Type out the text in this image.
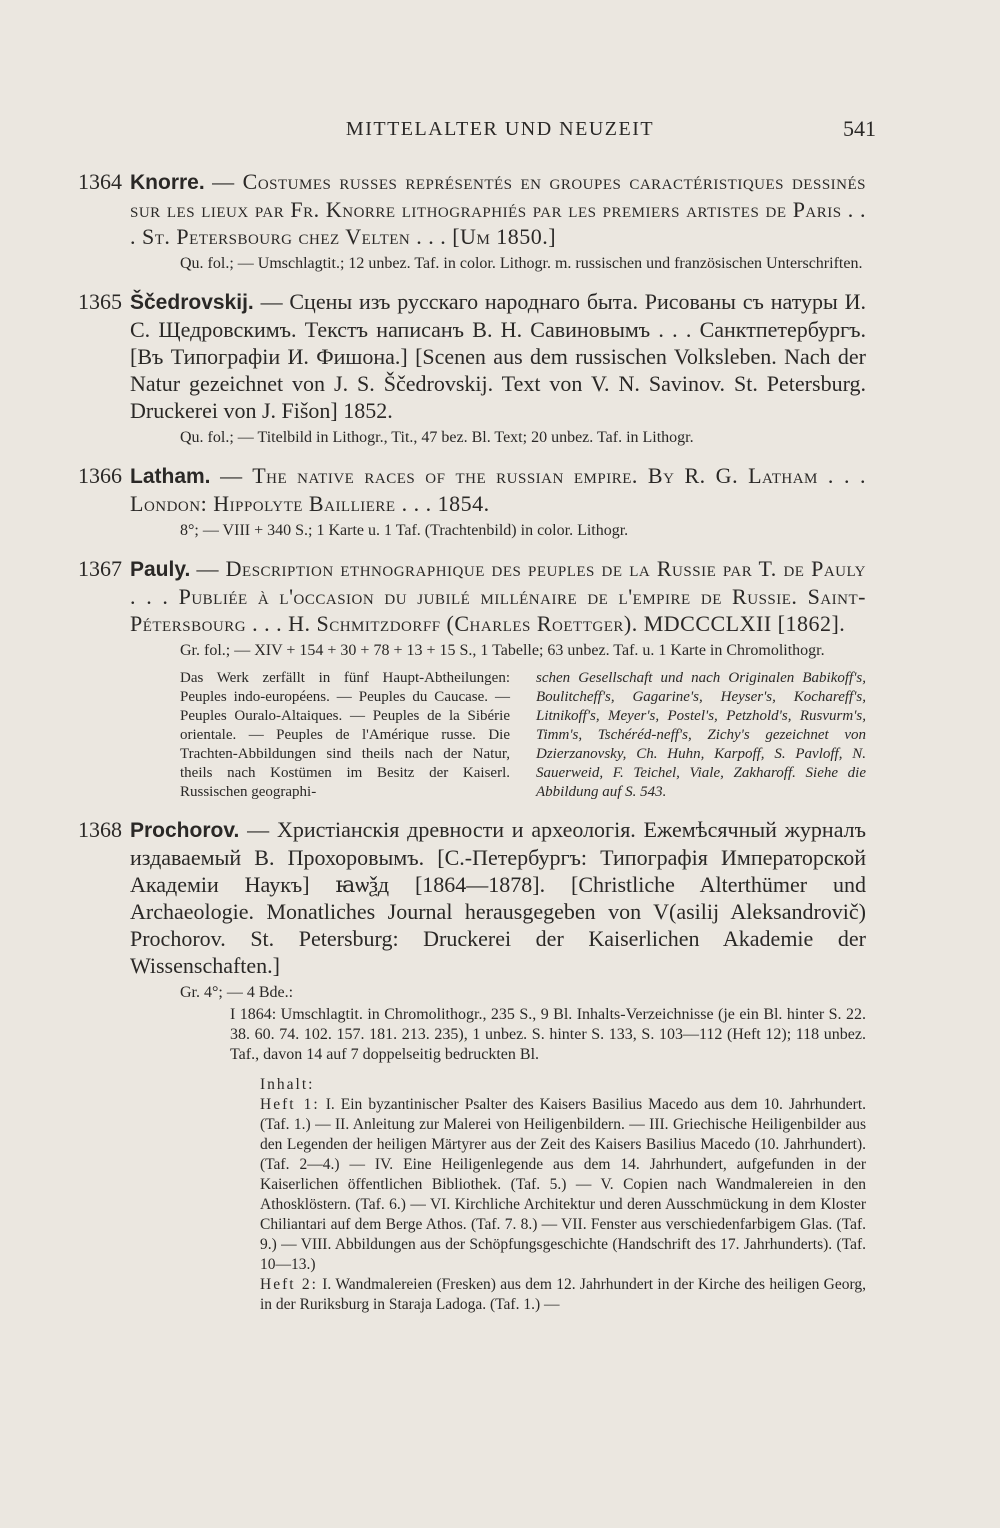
MITTELALTER UND NEUZEIT	541
1364 Knorre. — Costumes russes représentés en groupes caractéristiques dessinés sur les lieux par Fr. Knorre lithographiés par les premiers artistes de Paris . . . St. Petersbourg chez Velten . . . [Um 1850.]

Qu. fol.; — Umschlagtit.; 12 unbez. Taf. in color. Lithogr. m. russischen und französischen Unterschriften.

1365 Ščedrovskij. — Сцены изъ русскаго народнаго быта. Рисованы съ натуры И. С. Щедровскимъ. Текстъ написанъ В. Н. Савиновымъ . . . Санктпетербургъ. [Въ Типографіи И. Фишона.] [Scenen aus dem russischen Volksleben. Nach der Natur gezeichnet von J. S. Ščedrovskij. Text von V. N. Savinov. St. Petersburg. Druckerei von J. Fišon] 1852.

Qu. fol.; — Titelbild in Lithogr., Tit., 47 bez. Bl. Text; 20 unbez. Taf. in Lithogr.

1366 Latham. — The native races of the russian empire. By R. G. Latham . . . London: Hippolyte Bailliere . . . 1854.

8°; — VIII + 340 S.; 1 Karte u. 1 Taf. (Trachtenbild) in color. Lithogr.

1367 Pauly. — Description ethnographique des peuples de la Russie par T. de Pauly . . . Publiée à l'occasion du jubilé millénaire de l'empire de Russie. Saint-Pétersbourg . . . H. Schmitzdorff (Charles Roettger). MDCCCLXII [1862].

Gr. fol.; — XIV + 154 + 30 + 78 + 13 + 15 S., 1 Tabelle; 63 unbez. Taf. u. 1 Karte in Chromolithogr.

Das Werk zerfällt in fünf Haupt-Abtheilungen: Peuples indo-européens. — Peuples du Caucase. — Peuples Ouralo-Altaiques. — Peuples de la Sibérie orientale. — Peuples de l'Amérique russe. Die Trachten-Abbildungen sind theils nach der Natur, theils nach Kostümen im Besitz der Kaiserl. Russischen geographi-
schen Gesellschaft und nach Originalen Babikoff's, Boulitcheff's, Gagarine's, Heyser's, Kochareff's, Litnikoff's, Meyer's, Postel's, Petzhold's, Rusvurm's, Timm's, Tschéréd-neff's, Zichy's gezeichnet von Dzierzanovsky, Ch. Huhn, Karpoff, S. Pavloff, N. Sauerweid, F. Teichel, Viale, Zakharoff. Siehe die Abbildung auf S. 543.
1368 Prochorov. — Христіанскія древности и археологія. Ежемѣсячный журналъ издаваемый В. Прохоровымъ. [С.-Петербургъ: Типографія Императорской Академіи Наукъ] ꙗѡѯд [1864—1878]. [Christliche Alterthümer und Archaeologie. Monatliches Journal herausgegeben von V(asilij Aleksandrovič) Prochorov. St. Petersburg: Druckerei der Kaiserlichen Akademie der Wissenschaften.]

Gr. 4°; — 4 Bde.:

I 1864: Umschlagtit. in Chromolithogr., 235 S., 9 Bl. Inhalts-Verzeichnisse (je ein Bl. hinter S. 22. 38. 60. 74. 102. 157. 181. 213. 235), 1 unbez. S. hinter S. 133, S. 103—112 (Heft 12); 118 unbez. Taf., davon 14 auf 7 doppelseitig bedruckten Bl.

Inhalt:
Heft 1: I. Ein byzantinischer Psalter des Kaisers Basilius Macedo aus dem 10. Jahrhundert. (Taf. 1.) — II. Anleitung zur Malerei von Heiligenbildern. — III. Griechische Heiligenbilder aus den Legenden der heiligen Märtyrer aus der Zeit des Kaisers Basilius Macedo (10. Jahrhundert). (Taf. 2—4.) — IV. Eine Heiligenlegende aus dem 14. Jahrhundert, aufgefunden in der Kaiserlichen öffentlichen Bibliothek. (Taf. 5.) — V. Copien nach Wandmalereien in den Athosklöstern. (Taf. 6.) — VI. Kirchliche Architektur und deren Ausschmückung in dem Kloster Chiliantari auf dem Berge Athos. (Taf. 7. 8.) — VII. Fenster aus verschiedenfarbigem Glas. (Taf. 9.) — VIII. Abbildungen aus der Schöpfungsgeschichte (Handschrift des 17. Jahrhunderts). (Taf. 10—13.)
Heft 2: I. Wandmalereien (Fresken) aus dem 12. Jahrhundert in der Kirche des heiligen Georg, in der Ruriksburg in Staraja Ladoga. (Taf. 1.) —
